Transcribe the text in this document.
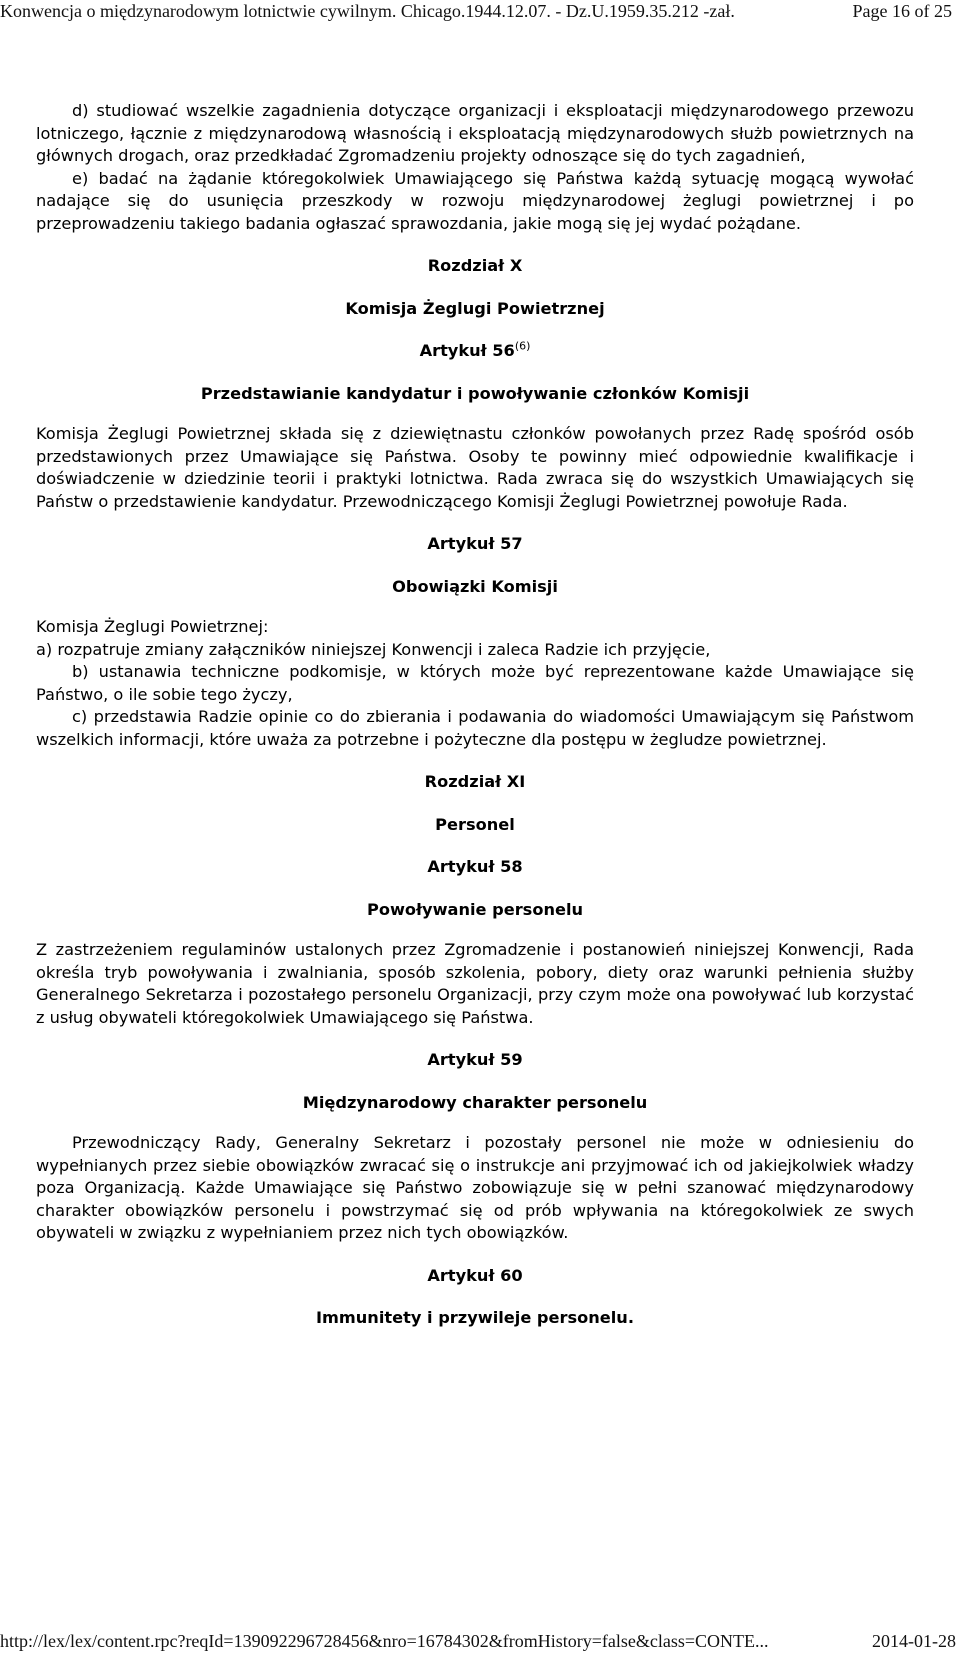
Konwencja o międzynarodowym lotnictwie cywilnym. Chicago.1944.12.07. - Dz.U.1959.35.212 -zał.	Page 16 of 25

d) studiować wszelkie zagadnienia dotyczące organizacji i eksploatacji międzynarodowego przewozu lotniczego, łącznie z międzynarodową własnością i eksploatacją międzynarodowych służb powietrznych na głównych drogach, oraz przedkładać Zgromadzeniu projekty odnoszące się do tych zagadnień,

e) badać na żądanie któregokolwiek Umawiającego się Państwa każdą sytuację mogącą wywołać nadające się do usunięcia przeszkody w rozwoju międzynarodowej żeglugi powietrznej i po przeprowadzeniu takiego badania ogłaszać sprawozdania, jakie mogą się jej wydać pożądane.

Rozdział X

Komisja Żeglugi Powietrznej

Artykuł 56$^{(6)}$

Przedstawianie kandydatur i powoływanie członków Komisji

Komisja Żeglugi Powietrznej składa się z dziewiętnastu członków powołanych przez Radę spośród osób przedstawionych przez Umawiające się Państwa. Osoby te powinny mieć odpowiednie kwalifikacje i doświadczenie w dziedzinie teorii i praktyki lotnictwa. Rada zwraca się do wszystkich Umawiających się Państw o przedstawienie kandydatur. Przewodniczącego Komisji Żeglugi Powietrznej powołuje Rada.

Artykuł 57

Obowiązki Komisji

Komisja Żeglugi Powietrznej:

a) rozpatruje zmiany załączników niniejszej Konwencji i zaleca Radzie ich przyjęcie,

b) ustanawia techniczne podkomisje, w których może być reprezentowane każde Umawiające się Państwo, o ile sobie tego życzy,

c) przedstawia Radzie opinie co do zbierania i podawania do wiadomości Umawiającym się Państwom wszelkich informacji, które uważa za potrzebne i pożyteczne dla postępu w żegludze powietrznej.

Rozdział XI

Personel

Artykuł 58

Powoływanie personelu

Z zastrzeżeniem regulaminów ustalonych przez Zgromadzenie i postanowień niniejszej Konwencji, Rada określa tryb powoływania i zwalniania, sposób szkolenia, pobory, diety oraz warunki pełnienia służby Generalnego Sekretarza i pozostałego personelu Organizacji, przy czym może ona powoływać lub korzystać z usług obywateli któregokolwiek Umawiającego się Państwa.

Artykuł 59

Międzynarodowy charakter personelu

Przewodniczący Rady, Generalny Sekretarz i pozostały personel nie może w odniesieniu do wypełnianych przez siebie obowiązków zwracać się o instrukcje ani przyjmować ich od jakiejkolwiek władzy poza Organizacją. Każde Umawiające się Państwo zobowiązuje się w pełni szanować międzynarodowy charakter obowiązków personelu i powstrzymać się od prób wpływania na któregokolwiek ze swych obywateli w związku z wypełnianiem przez nich tych obowiązków.

Artykuł 60

Immunitety i przywileje personelu.

http://lex/lex/content.rpc?reqId=139092296728456&nro=16784302&fromHistory=false&class=CONTE...	2014-01-28
